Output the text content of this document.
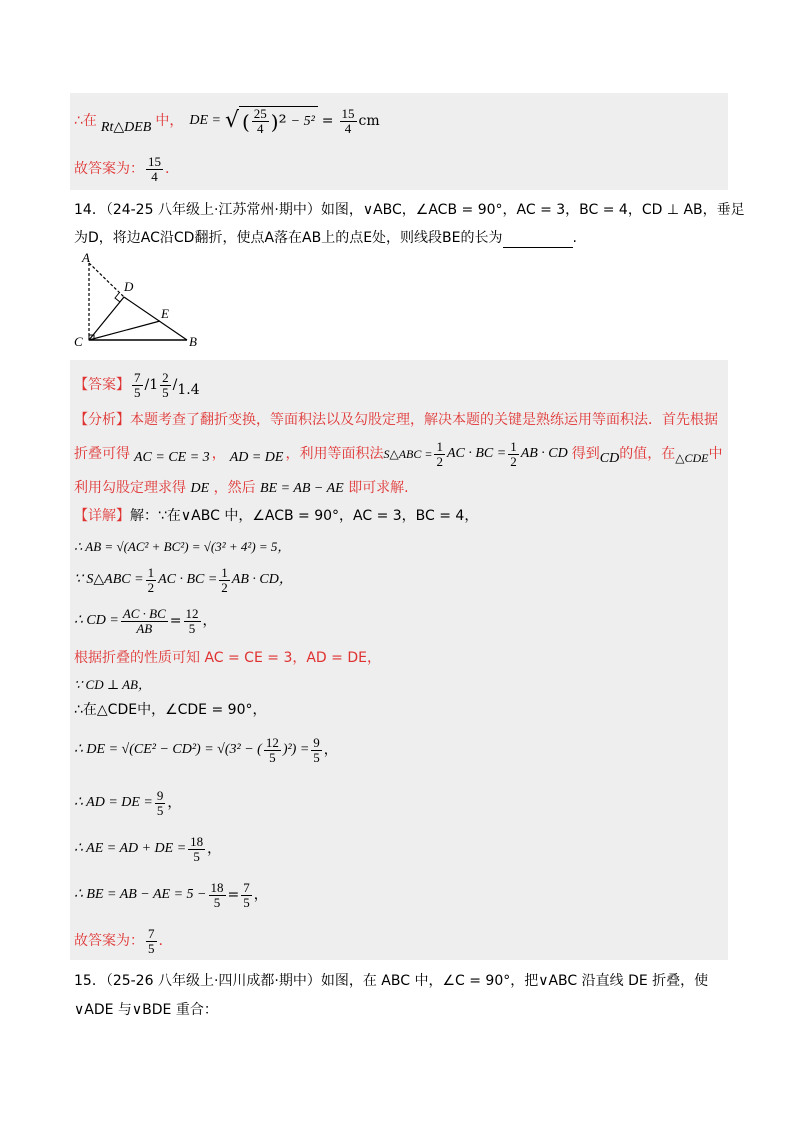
∴在 Rt△DEB 中， DE = √ ( $\frac{25}{4} )^2 - 5^2 = \frac{15}{4}$ cm
故答案为： $\frac{15}{4}$ .
14．（24-25 八年级上·江苏常州·期中）如图，∨ABC，∠ACB = 90°，AC = 3，BC = 4，CD ⊥ AB，垂足
为D，将边AC沿CD翻折，使点A落在AB上的点E处，则线段BE的长为	.
A
D
E
C	B
【答案】 $\frac{7}{5} / 1 \frac{2}{5} / 1.4$
【分析】本题考查了翻折变换，等面积法以及勾股定理，解决本题的关键是熟练运用等面积法．首先根据
折叠可得 AC = CE = 3 ， AD = DE ，利用等面积法 S△ABC = $\frac{1}{2}$ AC · BC = $\frac{1}{2}$ AB · CD 得到 CD 的值，在 △CDE 中
利用勾股定理求得 DE ，然后 BE = AB − AE 即可求解.
【详解】解：∵在∨ABC 中，∠ACB = 90°，AC = 3，BC = 4，
∴ AB = √(AC² + BC²) = √(3² + 4²) = 5，
∵ S△ABC = $\frac{1}{2}$ AC · BC = $\frac{1}{2}$ AB · CD，
∴ CD = $\frac{AC \cdot BC}{AB} = \frac{12}{5}$ ，
根据折叠的性质可知 AC = CE = 3，AD = DE，
∵ CD ⊥ AB，
∴在△CDE中，∠CDE = 90°，
∴ DE = √(CE² − CD²) = √(3² − ( $\frac{12}{5} )^2) = \frac{9}{5}$ ，
∴ AD = DE = $\frac{9}{5}$ ，
∴ AE = AD + DE = $\frac{18}{5}$ ，
∴ BE = AB − AE = $5 - \frac{18}{5} = \frac{7}{5}$ ，
故答案为： $\frac{7}{5}$ .
15．（25-26 八年级上·四川成都·期中）如图，在 ABC 中，∠C = 90°，把∨ABC 沿直线 DE 折叠，使
∨ADE 与∨BDE 重合：
